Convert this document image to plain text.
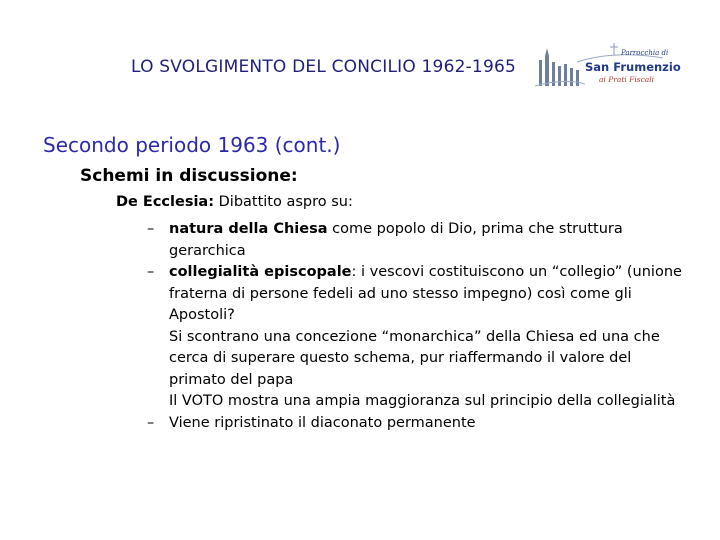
LO SVOLGIMENTO DEL CONCILIO 1962-1965
Parrocchia di
San Frumenzio
ai Prati Fiscali
Secondo periodo 1963 (cont.)
Schemi in discussione:
De Ecclesia: Dibattito aspro su:
– natura della Chiesa come popolo di Dio, prima che struttura gerarchica
– collegialità episcopale: i vescovi costituiscono un “collegio” (unione fraterna di persone fedeli ad uno stesso impegno) così come gli Apostoli?
Si scontrano una concezione “monarchica” della Chiesa ed una che cerca di superare questo schema, pur riaffermando il valore del primato del papa
Il VOTO mostra una ampia maggioranza sul principio della collegialità
– Viene ripristinato il diaconato permanente
